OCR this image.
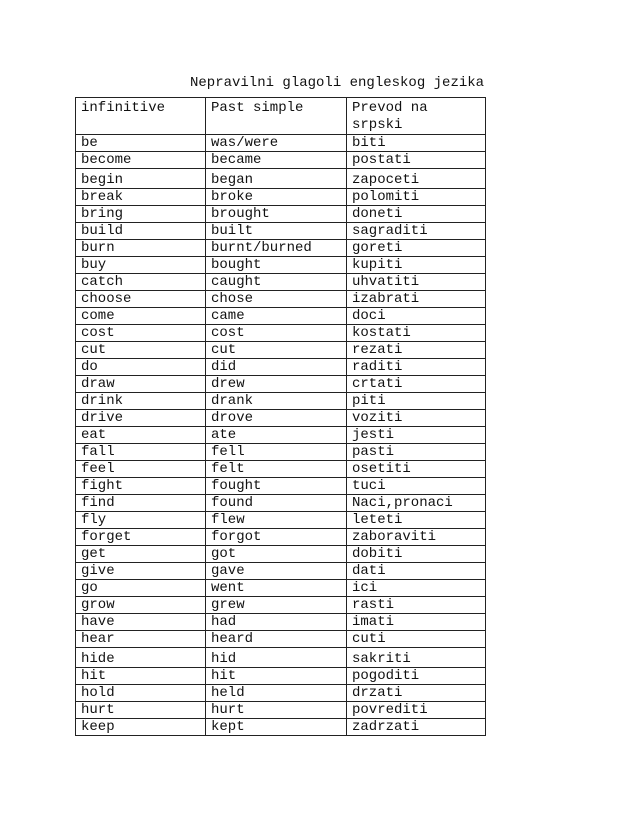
Nepravilni glagoli engleskog jezika
infinitive	Past simple	Prevod na
srpski

be	was/were	biti
become	became	postati
begin	began	zapoceti
break	broke	polomiti
bring	brought	doneti
build	built	sagraditi
burn	burnt/burned	goreti
buy	bought	kupiti
catch	caught	uhvatiti
choose	chose	izabrati
come	came	doci
cost	cost	kostati
cut	cut	rezati
do	did	raditi
draw	drew	crtati
drink	drank	piti
drive	drove	voziti
eat	ate	jesti
fall	fell	pasti
feel	felt	osetiti
fight	fought	tuci
find	found	Naci,pronaci
fly	flew	leteti
forget	forgot	zaboraviti
get	got	dobiti
give	gave	dati
go	went	ici
grow	grew	rasti
have	had	imati
hear	heard	cuti
hide	hid	sakriti
hit	hit	pogoditi
hold	held	drzati
hurt	hurt	povrediti
keep	kept	zadrzati
